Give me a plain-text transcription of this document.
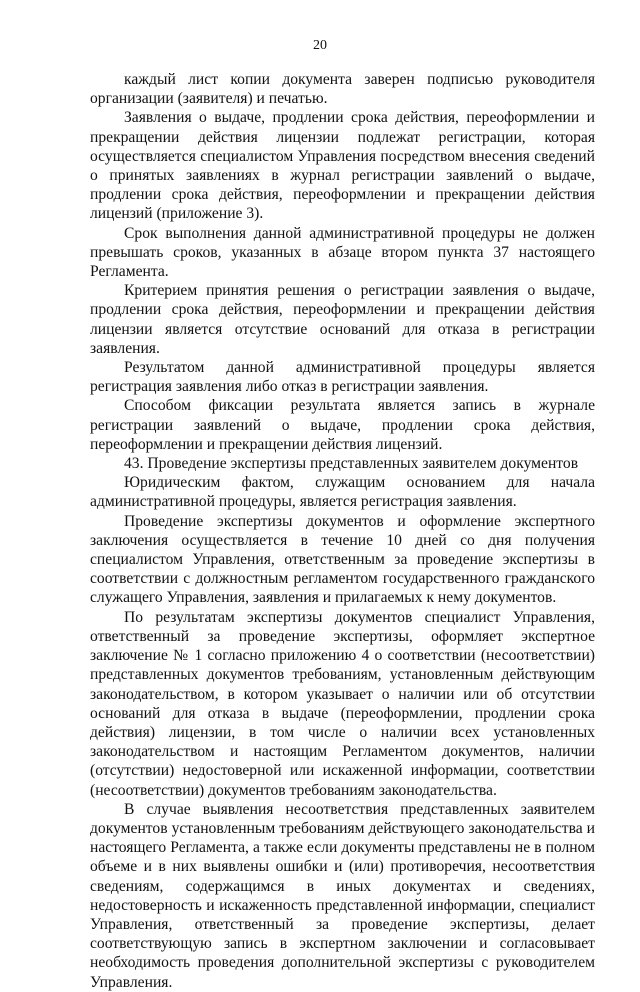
20

каждый лист копии документа заверен подписью руководителя организации (заявителя) и печатью.

Заявления о выдаче, продлении срока действия, переоформлении и прекращении действия лицензии подлежат регистрации, которая осуществляется специалистом Управления посредством внесения сведений о принятых заявлениях в журнал регистрации заявлений о выдаче, продлении срока действия, переоформлении и прекращении действия лицензий (приложение 3).

Срок выполнения данной административной процедуры не должен превышать сроков, указанных в абзаце втором пункта 37 настоящего Регламента.

Критерием принятия решения о регистрации заявления о выдаче, продлении срока действия, переоформлении и прекращении действия лицензии является отсутствие оснований для отказа в регистрации заявления.

Результатом данной административной процедуры является регистрация заявления либо отказ в регистрации заявления.

Способом фиксации результата является запись в журнале регистрации заявлений о выдаче, продлении срока действия, переоформлении и прекращении действия лицензий.

43. Проведение экспертизы представленных заявителем документов

Юридическим фактом, служащим основанием для начала административной процедуры, является регистрация заявления.

Проведение экспертизы документов и оформление экспертного заключения осуществляется в течение 10 дней со дня получения специалистом Управления, ответственным за проведение экспертизы в соответствии с должностным регламентом государственного гражданского служащего Управления, заявления и прилагаемых к нему документов.

По результатам экспертизы документов специалист Управления, ответственный за проведение экспертизы, оформляет экспертное заключение № 1 согласно приложению 4 о соответствии (несоответствии) представленных документов требованиям, установленным действующим законодательством, в котором указывает о наличии или об отсутствии оснований для отказа в выдаче (переоформлении, продлении срока действия) лицензии, в том числе о наличии всех установленных законодательством и настоящим Регламентом документов, наличии (отсутствии) недостоверной или искаженной информации, соответствии (несоответствии) документов требованиям законодательства.

В случае выявления несоответствия представленных заявителем документов установленным требованиям действующего законодательства и настоящего Регламента, а также если документы представлены не в полном объеме и в них выявлены ошибки и (или) противоречия, несоответствия сведениям, содержащимся в иных документах и сведениях, недостоверность и искаженность представленной информации, специалист Управления, ответственный за проведение экспертизы, делает соответствующую запись в экспертном заключении и согласовывает необходимость проведения дополнительной экспертизы с руководителем Управления.
